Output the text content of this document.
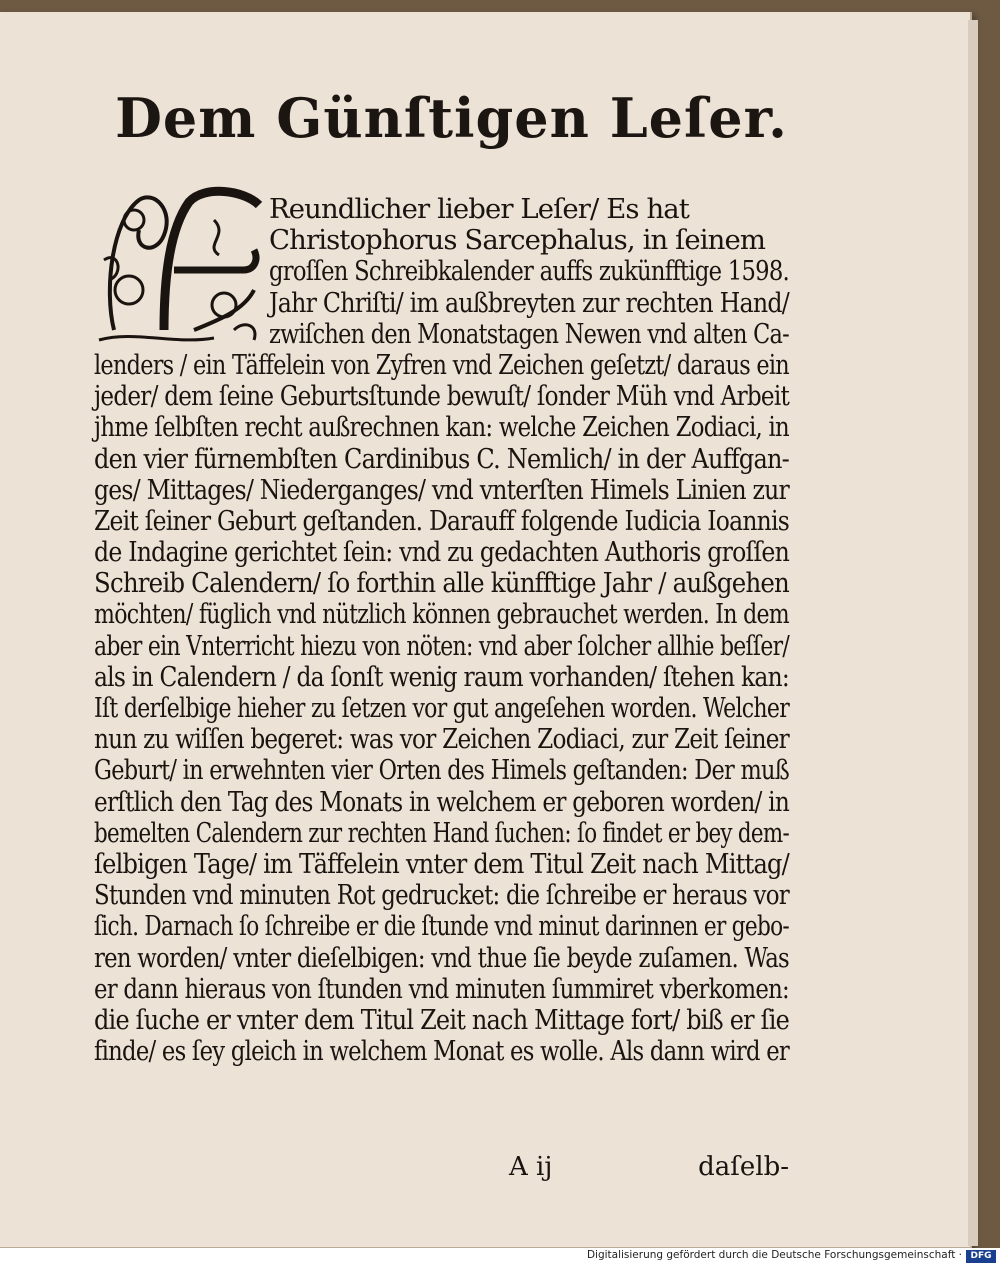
Dem Günſtigen Leſer.
Reundlicher lieber Leſer/ Es hat
Christophorus Sarcephalus, in ſeinem
groſſen Schreibkalender auffs zukünfftige 1598.
Jahr Chriſti/ im außbreyten zur rechten Hand/
zwiſchen den Monatstagen Newen vnd alten Ca-
lenders / ein Täffelein von Zyfren vnd Zeichen geſetzt/ daraus ein
jeder/ dem ſeine Geburtsſtunde bewuſt/ ſonder Müh vnd Arbeit
jhme ſelbſten recht außrechnen kan: welche Zeichen Zodiaci, in
den vier fürnembſten Cardinibus C. Nemlich/ in der Auffgan-
ges/ Mittages/ Niederganges/ vnd vnterſten Himels Linien zur
Zeit ſeiner Geburt geſtanden. Darauff folgende Iudicia Ioannis
de Indagine gerichtet ſein: vnd zu gedachten Authoris groſſen
Schreib Calendern/ ſo forthin alle künfftige Jahr / außgehen
möchten/ füglich vnd nützlich können gebrauchet werden. In dem
aber ein Vnterricht hiezu von nöten: vnd aber ſolcher allhie beſſer/
als in Calendern / da ſonſt wenig raum vorhanden/ ſtehen kan:
Iſt derſelbige hieher zu ſetzen vor gut angeſehen worden. Welcher
nun zu wiſſen begeret: was vor Zeichen Zodiaci, zur Zeit ſeiner
Geburt/ in erwehnten vier Orten des Himels geſtanden: Der muß
erſtlich den Tag des Monats in welchem er geboren worden/ in
bemelten Calendern zur rechten Hand ſuchen: ſo findet er bey dem-
ſelbigen Tage/ im Täffelein vnter dem Titul Zeit nach Mittag/
Stunden vnd minuten Rot gedrucket: die ſchreibe er heraus vor
ſich. Darnach ſo ſchreibe er die ſtunde vnd minut darinnen er gebo-
ren worden/ vnter dieſelbigen: vnd thue ſie beyde zuſamen. Was
er dann hieraus von ſtunden vnd minuten ſummiret vberkomen:
die ſuche er vnter dem Titul Zeit nach Mittage fort/ biß er ſie
finde/ es ſey gleich in welchem Monat es wolle. Als dann wird er
A ij	daſelb-
Digitalisierung gefördert durch die Deutsche Forschungsgemeinschaft · DFG
